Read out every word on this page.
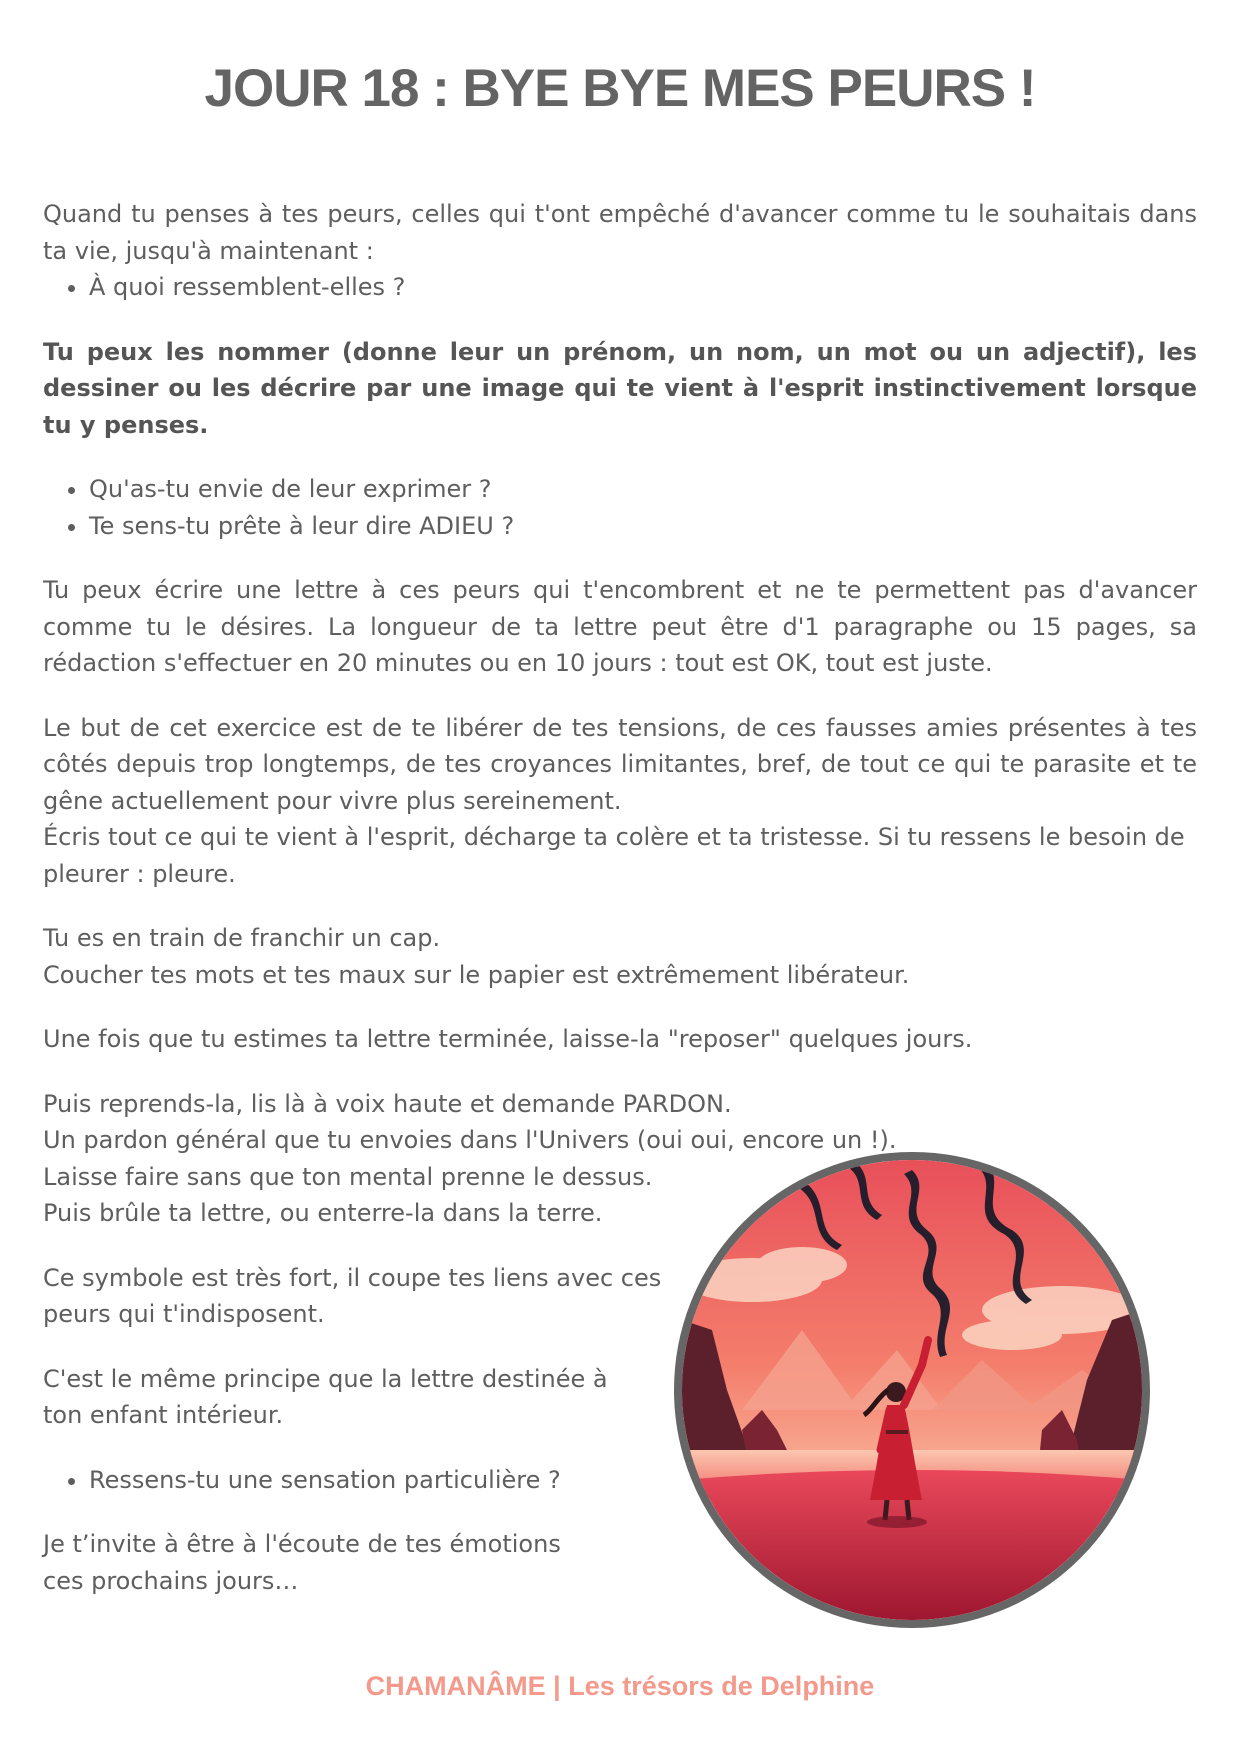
JOUR 18 : BYE BYE MES PEURS !

Quand tu penses à tes peurs, celles qui t'ont empêché d'avancer comme tu le souhaitais dans ta vie, jusqu'à maintenant :

• À quoi ressemblent-elles ?

Tu peux les nommer (donne leur un prénom, un nom, un mot ou un adjectif), les dessiner ou les décrire par une image qui te vient à l'esprit instinctivement lorsque tu y penses.

• Qu'as-tu envie de leur exprimer ?
• Te sens-tu prête à leur dire ADIEU ?

Tu peux écrire une lettre à ces peurs qui t'encombrent et ne te permettent pas d'avancer comme tu le désires. La longueur de ta lettre peut être d'1 paragraphe ou 15 pages, sa rédaction s'effectuer en 20 minutes ou en 10 jours : tout est OK, tout est juste.

Le but de cet exercice est de te libérer de tes tensions, de ces fausses amies présentes à tes côtés depuis trop longtemps, de tes croyances limitantes, bref, de tout ce qui te parasite et te gêne actuellement pour vivre plus sereinement.

Écris tout ce qui te vient à l'esprit, décharge ta colère et ta tristesse. Si tu ressens le besoin de pleurer : pleure.

Tu es en train de franchir un cap.
Coucher tes mots et tes maux sur le papier est extrêmement libérateur.

Une fois que tu estimes ta lettre terminée, laisse-la "reposer" quelques jours.

Puis reprends-la, lis là à voix haute et demande PARDON.
Un pardon général que tu envoies dans l'Univers (oui oui, encore un !).
Laisse faire sans que ton mental prenne le dessus.
Puis brûle ta lettre, ou enterre-la dans la terre.

Ce symbole est très fort, il coupe tes liens avec ces
peurs qui t'indisposent.

C'est le même principe que la lettre destinée à
ton enfant intérieur.

• Ressens-tu une sensation particulière ?

Je t’invite à être à l'écoute de tes émotions
ces prochains jours…

CHAMANÂME | Les trésors de Delphine
